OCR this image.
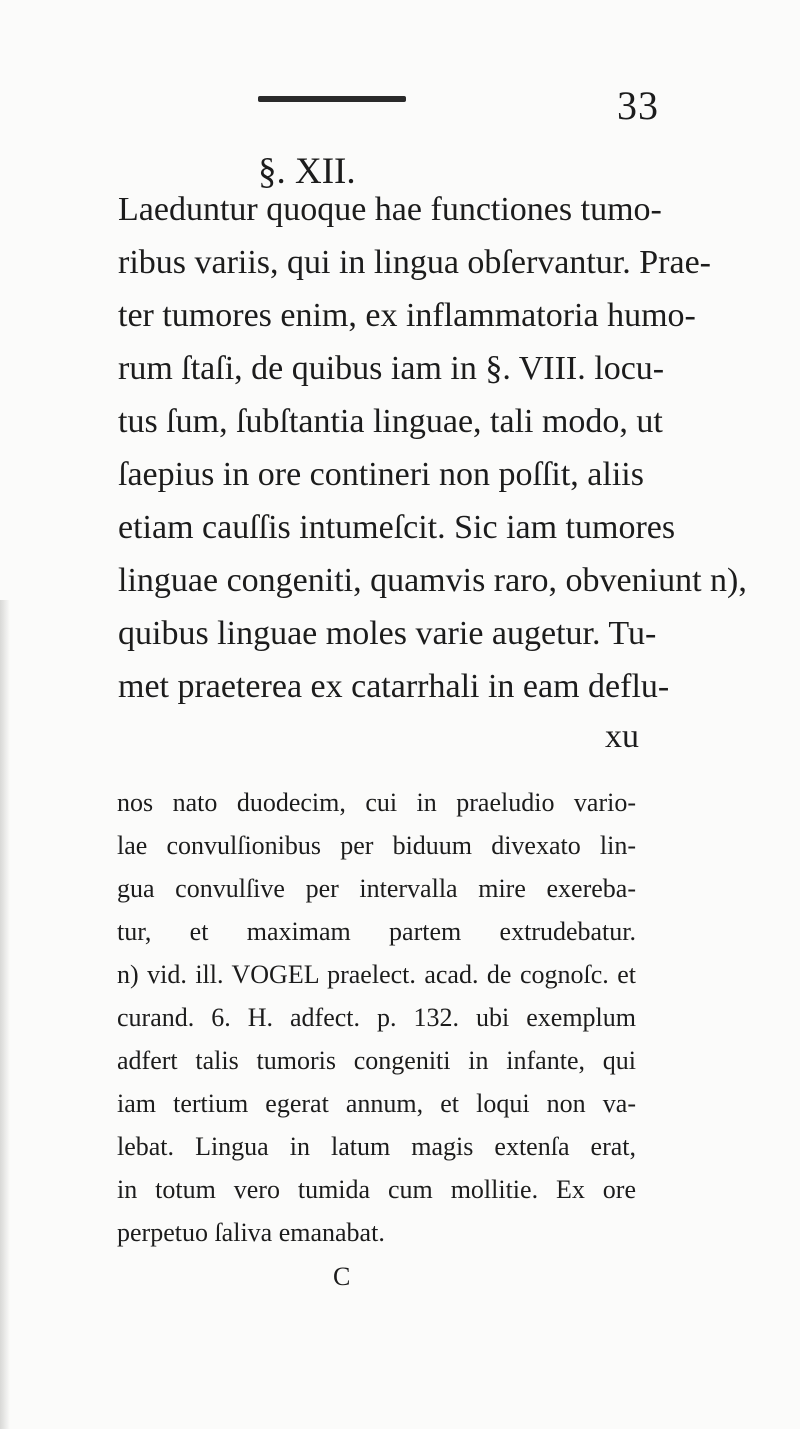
33
§. XII.
Laeduntur quoque hae functiones tumo-
ribus variis, qui in lingua obſervantur. Prae-
ter tumores enim, ex inflammatoria humo-
rum ſtaſi, de quibus iam in §. VIII. locu-
tus ſum, ſubſtantia linguae, tali modo, ut
ſaepius in ore contineri non poſſit, aliis
etiam cauſſis intumeſcit. Sic iam tumores
linguae congeniti, quamvis raro, obveniunt n),
quibus linguae moles varie augetur. Tu-
met praeterea ex catarrhali in eam deflu-
xu
nos nato duodecim, cui in praeludio vario-
lae convulſionibus per biduum divexato lin-
gua convulſive per intervalla mire exereba-
tur, et maximam partem extrudebatur.
n) vid. ill. VOGEL praelect. acad. de cognoſc. et
curand. 6. H. adfect. p. 132. ubi exemplum
adfert talis tumoris congeniti in infante, qui
iam tertium egerat annum, et loqui non va-
lebat. Lingua in latum magis extenſa erat,
in totum vero tumida cum mollitie. Ex ore
perpetuo ſaliva emanabat.
C
